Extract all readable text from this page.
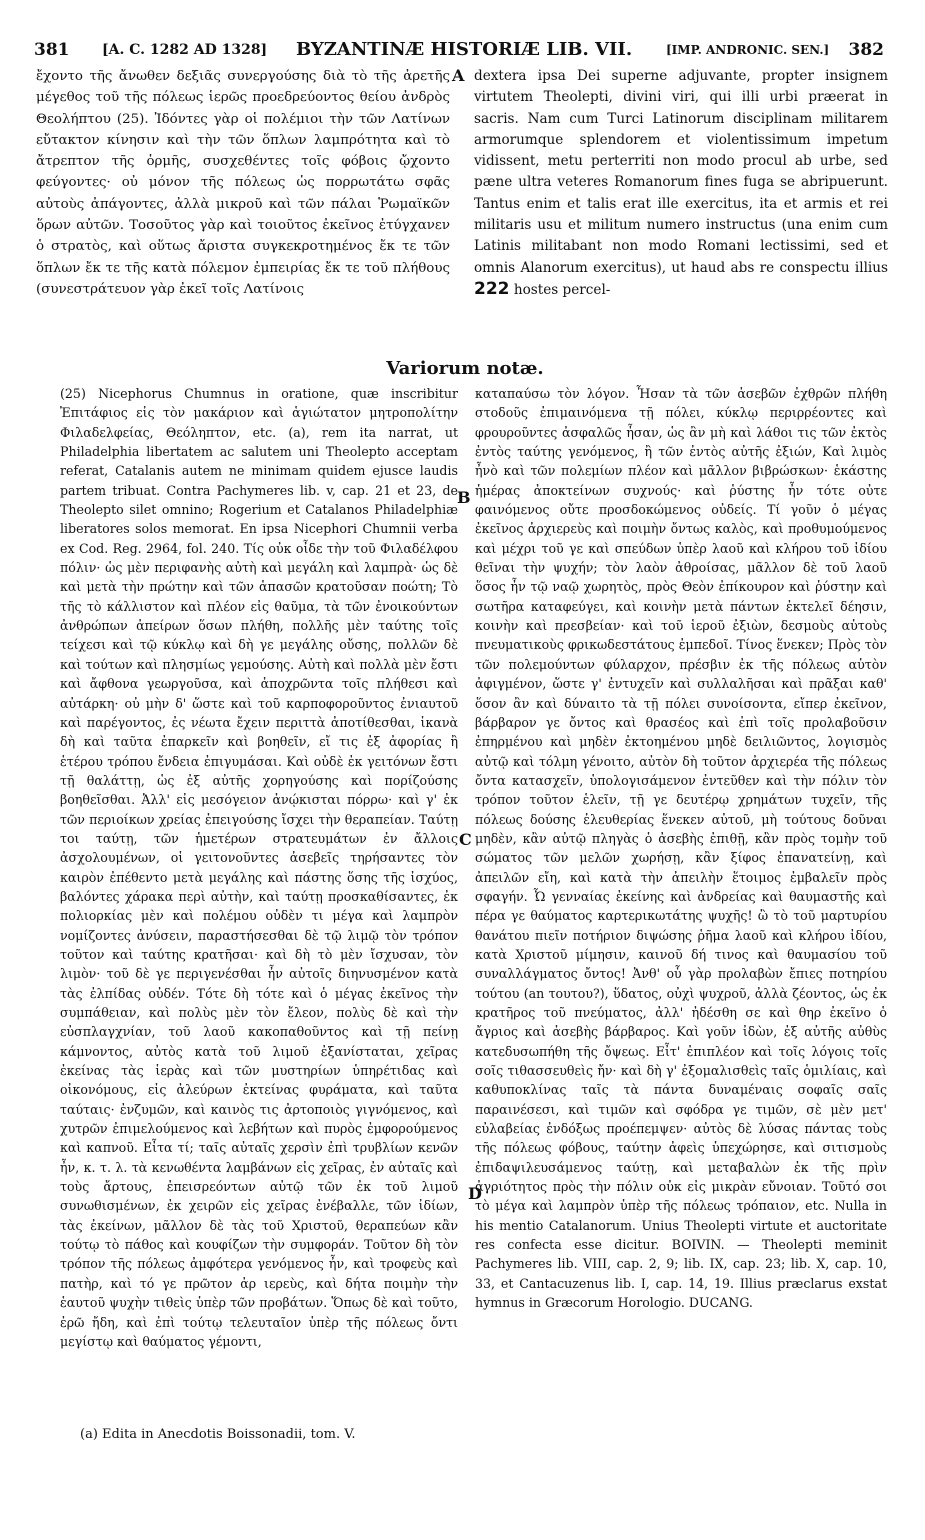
381 [A. C. 1282 AD 1328] BYZANTINÆ HISTORIÆ LIB. VII.	[IMP. ANDRONIC. SEN.] 382

ἔχοντο τῆς ἄνωθεν δεξιᾶς συνεργούσης διὰ τὸ τῆς ἀρετῆς μέγεθος τοῦ τῆς πόλεως ἱερῶς προεδρεύοντος θείου ἀνδρὸς Θεολήπτου (25). Ἰδόντες γὰρ οἱ πολέμιοι τὴν τῶν Λατίνων εὔτακτον κίνησιν καὶ τὴν τῶν ὅπλων λαμπρότητα καὶ τὸ ἄτρεπτον τῆς ὁρμῆς, συσχεθέντες τοῖς φόβοις ᾤχοντο φεύγοντες· οὐ μόνον τῆς πόλεως ὡς πορρωτάτω σφᾶς αὐτοὺς ἀπάγοντες, ἀλλὰ μικροῦ καὶ τῶν πάλαι Ῥωμαϊκῶν ὅρων αὐτῶν. Τοσοῦτος γὰρ καὶ τοιοῦτος ἐκεῖνος ἐτύγχανεν ὁ στρατὸς, καὶ οὕτως ἄριστα συγκεκροτημένος ἔκ τε τῶν ὅπλων ἔκ τε τῆς κατὰ πόλεμον ἐμπειρίας ἔκ τε τοῦ πλήθους (συνεστράτευον γὰρ ἐκεῖ τοῖς Λατίνοις

A dextera ipsa Dei superne adjuvante, propter insignem virtutem Theolepti, divini viri, qui illi urbi præerat in sacris. Nam cum Turci Latinorum disciplinam militarem armorumque splendorem et violentissimum impetum vidissent, metu perterriti non modo procul ab urbe, sed pæne ultra veteres Romanorum fines fuga se abripuerunt. Tantus enim et talis erat ille exercitus, ita et armis et rei militaris usu et militum numero instructus (una enim cum Latinis militabant non modo Romani lectissimi, sed et omnis Alanorum exercitus), ut haud abs re conspectu illius 222 hostes percel-

Variorum notæ.

(25) Nicephorus Chumnus in oratione, quæ inscribitur Ἐπιτάφιος εἰς τὸν μακάριον καὶ ἁγιώτατον μητροπολίτην Φιλαδελφείας, Θεόληπτον, etc. (a), rem ita narrat, ut Philadelphia libertatem ac salutem uni Theolepto acceptam referat, Catalanis autem ne minimam quidem ejusce laudis partem tribuat. Contra Pachymeres lib. v, cap. 21 et 23, de Theolepto silet omnino; Rogerium et Catalanos Philadelphiæ liberatores solos memorat. En ipsa Nicephori Chumnii verba ex Cod. Reg. 2964, fol. 240. Τίς οὐκ οἶδε τὴν τοῦ Φιλαδέλφου πόλιν· ὡς μὲν περιφανὴς αὐτὴ καὶ μεγάλη καὶ λαμπρὰ· ὡς δὲ καὶ μετὰ τὴν πρώτην καὶ τῶν ἁπασῶν κρατοῦσαν ποώτη; Τὸ τῆς τὸ κάλλιστον καὶ πλέον εἰς θαῦμα, τὰ τῶν ἐνοικούντων ἀνθρώπων ἀπείρων ὅσων πλήθη, πολλῆς μὲν ταύτης τοῖς τείχεσι καὶ τῷ κύκλῳ καὶ δὴ γε μεγάλης οὔσης, πολλῶν δὲ καὶ τούτων καὶ πλησμίως γεμούσης. Αὐτὴ καὶ πολλὰ μὲν ἔστι καὶ ἄφθονα γεωργοῦσα, καὶ ἀποχρῶντα τοῖς πλήθεσι καὶ αὐτάρκη· οὐ μὴν δ' ὥστε καὶ τοῦ καρποφοροῦντος ἐνιαυτοῦ καὶ παρέγοντος, ἐς νέωτα ἔχειν περιττὰ ἀποτίθεσθαι, ἱκανὰ δὴ καὶ ταῦτα ἐπαρκεῖν καὶ βοηθεῖν, εἴ τις ἐξ ἀφορίας ἢ ἑτέρου τρόπου ἔνδεια ἐπιγυμάσαι. Καὶ οὐδὲ ἐκ γειτόνων ἔστι τῇ θαλάττῃ, ὡς ἐξ αὐτῆς χορηγούσης καὶ πορίζούσης βοηθεῖσθαι. Ἀλλ' εἰς μεσόγειον ἀνῴκισται πόρρω· καὶ γ' ἐκ τῶν περιοίκων χρείας ἐπειγούσης ἴσχει τὴν θεραπείαν. Ταύτῃ τοι ταύτῃ, τῶν ἡμετέρων στρατευμάτων ἐν ἄλλοις ἀσχολουμένων, οἱ γειτονοῦντες ἀσεβεῖς τηρήσαντες τὸν καιρὸν ἐπέθεντο μετὰ μεγάλης καὶ πάστης ὅσης τῆς ἰσχύος, βαλόντες χάρακα περὶ αὐτὴν, καὶ ταύτῃ προσκαθίσαντες, ἐκ πολιορκίας μὲν καὶ πολέμου οὐδὲν τι μέγα καὶ λαμπρὸν νομίζοντες ἀνύσειν, παραστήσεσθαι δὲ τῷ λιμῷ τὸν τρόπον τοῦτον καὶ ταύτης κρατῆσαι· καὶ δὴ τὸ μὲν ἴσχυσαν, τὸν λιμὸν· τοῦ δὲ γε περιγενέσθαι ἦν αὐτοῖς διηνυσμένον κατὰ τὰς ἐλπίδας οὐδέν. Τότε δὴ τότε καὶ ὁ μέγας ἐκεῖνος τὴν συμπάθειαν, καὶ πολὺς μὲν τὸν ἔλεον, πολὺς δὲ καὶ τὴν εὐσπλαγχνίαν, τοῦ λαοῦ κακοπαθοῦντος καὶ τῇ πείνῃ κάμνοντος, αὐτὸς κατὰ τοῦ λιμοῦ ἐξανίσταται, χεῖρας ἐκείνας τὰς ἱερὰς καὶ τῶν μυστηρίων ὑπηρέτιδας καὶ οἰκονόμους, εἰς ἀλεύρων ἐκτείνας φυράματα, καὶ ταῦτα ταύταις· ἐνζυμῶν, καὶ καινὸς τις ἀρτοποιὸς γιγνόμενος, καὶ χυτρῶν ἐπιμελούμενος καὶ λεβήτων καὶ πυρὸς ἐμφορούμενος καὶ καπνοῦ. Εἶτα τί; ταῖς αὐταῖς χερσὶν ἐπὶ τρυβλίων κενῶν ἦν, κ. τ. λ. τὰ κενωθέντα λαμβάνων εἰς χεῖρας, ἐν αὐταῖς καὶ τοὺς ἄρτους, ἐπεισρεόντων αὐτῷ τῶν ἐκ τοῦ λιμοῦ συνωθισμένων, ἐκ χειρῶν εἰς χεῖρας ἐνέβαλλε, τῶν ἰδίων, τὰς ἐκείνων, μᾶλλον δὲ τὰς τοῦ Χριστοῦ, θεραπεύων κἂν τούτῳ τὸ πάθος καὶ κουφίζων τὴν συμφοράν. Τοῦτον δὴ τὸν τρόπον τῆς πόλεως ἀμφότερα γενόμενος ἦν, καὶ τροφεὺς καὶ πατὴρ, καὶ τό γε πρῶτον ἀρ ιερεὺς, καὶ δήτα ποιμὴν τὴν ἑαυτοῦ ψυχὴν τιθεὶς ὑπὲρ τῶν προβάτων. Ὅπως δὲ καὶ τοῦτο, ἐρῶ ἤδη, καὶ ἐπὶ τούτῳ τελευταῖον ὑπὲρ τῆς πόλεως ὄντι μεγίστῳ καὶ θαύματος γέμοντι,

B
C
D

καταπαύσω τὸν λόγον. Ἦσαν τὰ τῶν ἀσεβῶν ἐχθρῶν πλήθη στοδοῦς ἐπιμαινόμενα τῇ πόλει, κύκλῳ περιρρέοντες καὶ φρουροῦντες ἀσφαλῶς ἦσαν, ὡς ἂν μὴ καὶ λάθοι τις τῶν ἐκτὸς ἐντὸς ταύτης γενόμενος, ἢ τῶν ἐντὸς αὐτῆς ἐξιών, Καὶ λιμὸς ἦνὸ καὶ τῶν πολεμίων πλέον καὶ μᾶλλον βιβρώσκων· ἑκάστης ἡμέρας ἀποκτείνων συχνούς· καὶ ῥύστης ἦν τότε οὐτε φαινόμενος οὔτε προσδοκώμενος οὐδείς. Τί γοῦν ὁ μέγας ἐκεῖνος ἀρχιερεὺς καὶ ποιμὴν ὄντως καλὸς, καὶ προθυμούμενος καὶ μέχρι τοῦ γε καὶ σπεύδων ὑπὲρ λαοῦ καὶ κλήρου τοῦ ἰδίου θεῖναι τὴν ψυχήν; τὸν λαὸν ἀθροίσας, μᾶλλον δὲ τοῦ λαοῦ ὅσος ἦν τῷ ναῷ χωρητὸς, πρὸς Θεὸν ἐπίκουρον καὶ ῥύστην καὶ σωτῆρα καταφεύγει, καὶ κοινὴν μετὰ πάντων ἐκτελεῖ δέησιν, κοινὴν καὶ πρεσβείαν· καὶ τοῦ ἱεροῦ ἐξιὼν, δεσμοὺς αὑτοὺς πνευματικοὺς φρικωδεστάτους ἐμπεδοῖ. Τίνος ἕνεκεν; Πρὸς τὸν τῶν πολεμούντων φύλαρχον, πρέσβιν ἐκ τῆς πόλεως αὑτὸν ἀφιγμένον, ὥστε γ' ἐντυχεῖν καὶ συλλαλῆσαι καὶ πρᾶξαι καθ' ὅσον ἂν καὶ δύναιτο τὰ τῇ πόλει συνοίσοντα, εἴπερ ἐκεῖνον, βάρβαρον γε ὄντος καὶ θρασέος καὶ ἐπὶ τοῖς προλαβοῦσιν ἐπηρμένου καὶ μηδὲν ἐκτοημένου μηδὲ δειλιῶντος, λογισμὸς αὐτῷ καὶ τόλμη γένοιτο, αὐτὸν δὴ τοῦτον ἀρχιερέα τῆς πόλεως ὄντα κατασχεῖν, ὑπολογισάμενον ἐντεῦθεν καὶ τὴν πόλιν τὸν τρόπον τοῦτον ἑλεῖν, τῇ γε δευτέρῳ χρημάτων τυχεῖν, τῆς πόλεως δούσης ἐλευθερίας ἕνεκεν αὐτοῦ, μὴ τούτους δοῦναι μηδὲν, κἂν αὐτῷ πληγὰς ὁ ἀσεβὴς ἐπιθῇ, κἂν πρὸς τομὴν τοῦ σώματος τῶν μελῶν χωρήσῃ, κἂν ξίφος ἐπανατείνῃ, καὶ ἀπειλῶν εἴη, καὶ κατὰ τὴν ἀπειλὴν ἕτοιμος ἐμβαλεῖν πρὸς σφαγήν. Ὦ γενναίας ἐκείνης καὶ ἀνδρείας καὶ θαυμαστῆς καὶ πέρα γε θαύματος καρτερικωτάτης ψυχῆς! ὢ τὸ τοῦ μαρτυρίου θανάτου πιεῖν ποτήριον διψώσης ῥῆμα λαοῦ καὶ κλήρου ἰδίου, κατὰ Χριστοῦ μίμησιν, καινοῦ δή τινος καὶ θαυμασίου τοῦ συναλλάγματος ὄντος! Ἀνθ' οὗ γὰρ προλαβὼν ἔπιες ποτηρίου τούτου (an τουτου?), ὕδατος, οὐχὶ ψυχροῦ, ἀλλὰ ζέοντος, ὡς ἐκ κρατῆρος τοῦ πνεύματος, ἀλλ' ἠδέσθη σε καὶ θηρ ἐκεῖνο ὁ ἄγριος καὶ ἀσεβὴς βάρβαρος. Καὶ γοῦν ἰδὼν, ἐξ αὐτῆς αὐθὺς κατεδυσωπήθη τῆς ὄψεως. Εἶτ' ἐπιπλέον καὶ τοῖς λόγοις τοῖς σοῖς τιθασσευθεὶς ἤν· καὶ δὴ γ' ἐξομαλισθεὶς ταῖς ὁμιλίαις, καὶ καθυποκλίνας ταῖς τὰ πάντα δυναμέναις σοφαῖς σαῖς παραινέσεσι, καὶ τιμῶν καὶ σφόδρα γε τιμῶν, σὲ μὲν μετ' εὐλαβείας ἐνδόξως προέπεμψεν· αὐτὸς δὲ λύσας πάντας τοὺς τῆς πόλεως φόβους, ταύτην ἀφεὶς ὑπεχώρησε, καὶ σιτισμοὺς ἐπιδαψιλευσάμενος ταύτῃ, καὶ μεταβαλὼν ἐκ τῆς πρὶν ἀγριότητος πρὸς τὴν πόλιν οὐκ εἰς μικρὰν εὔνοιαν. Τοῦτό σοι τὸ μέγα καὶ λαμπρὸν ὑπὲρ τῆς πόλεως τρόπαιον, etc. Nulla in his mentio Catalanorum. Unius Theolepti virtute et auctoritate res confecta esse dicitur. BOIVIN. — Theolepti meminit Pachymeres lib. VIII, cap. 2, 9; lib. IX, cap. 23; lib. X, cap. 10, 33, et Cantacuzenus lib. I, cap. 14, 19. Illius præclarus exstat hymnus in Græcorum Horologio. DUCANG.

(a) Edita in Anecdotis Boissonadii, tom. V.
